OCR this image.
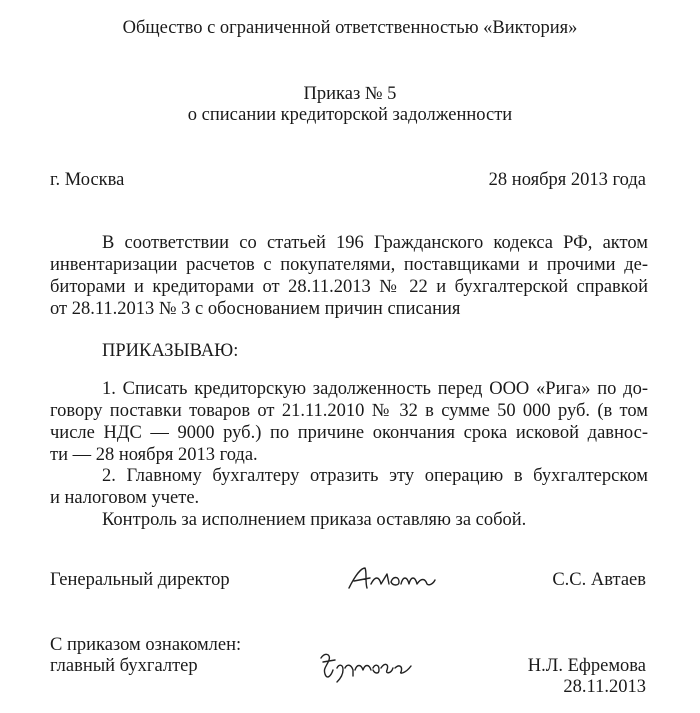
Общество с ограниченной ответственностью «Виктория»
Приказ № 5
о списании кредиторской задолженности
г. Москва	28 ноября 2013 года
В соответствии со статьей 196 Гражданского кодекса РФ, актом
инвентаризации расчетов с покупателями, поставщиками и прочими де-
биторами и кредиторами от 28.11.2013 № 22 и бухгалтерской справкой
от 28.11.2013 № 3 с обоснованием причин списания
ПРИКАЗЫВАЮ:
1. Списать кредиторскую задолженность перед ООО «Рига» по до-
говору поставки товаров от 21.11.2010 № 32 в сумме 50 000 руб. (в том
числе НДС — 9000 руб.) по причине окончания срока исковой давнос-
ти — 28 ноября 2013 года.
2. Главному бухгалтеру отразить эту операцию в бухгалтерском
и налоговом учете.
Контроль за исполнением приказа оставляю за собой.
Генеральный директор	С.С. Автаев
С приказом ознакомлен:
главный бухгалтер	Н.Л. Ефремова
28.11.2013
